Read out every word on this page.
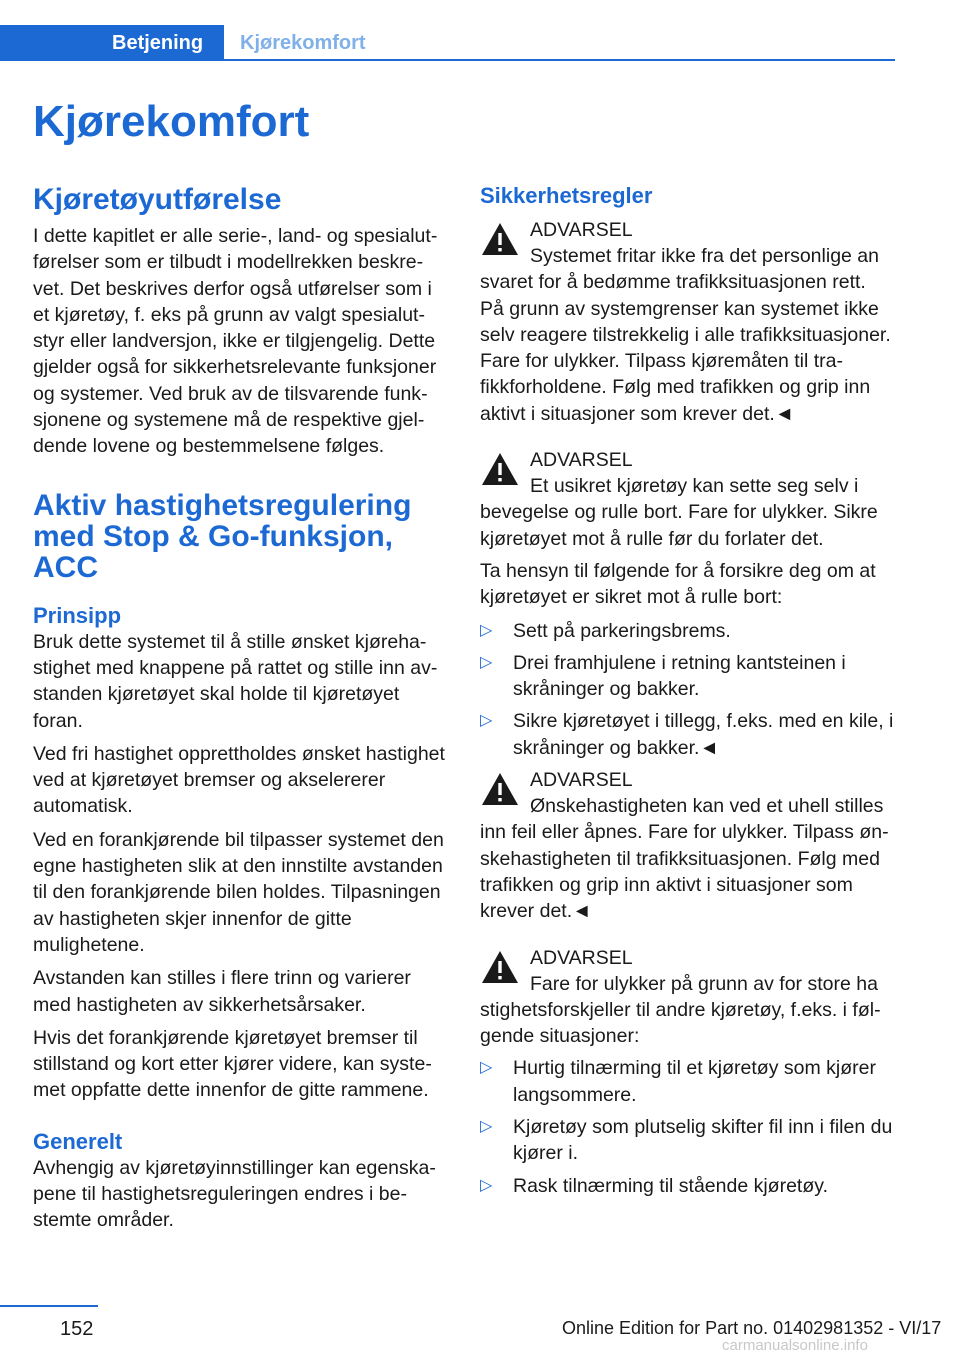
Betjening	Kjørekomfort
Kjørekomfort
Kjøretøyutførelse
I dette kapitlet er alle serie-, land- og spesialutførelser som er tilbudt i modellrekken beskrevet. Det beskrives derfor også utførelser som i et kjøretøy, f. eks på grunn av valgt spesialutstyr eller landversjon, ikke er tilgjengelig. Dette gjelder også for sikkerhetsrelevante funksjoner og systemer. Ved bruk av de tilsvarende funksjonene og systemene må de respektive gjeldende lovene og bestemmelsene følges.
Aktiv hastighetsregulering med Stop & Go-funksjon, ACC
Prinsipp
Bruk dette systemet til å stille ønsket kjørehastighet med knappene på rattet og stille inn avstanden kjøretøyet skal holde til kjøretøyet foran.
Ved fri hastighet opprettholdes ønsket hastighet ved at kjøretøyet bremser og akselererer automatisk.
Ved en forankjørende bil tilpasser systemet den egne hastigheten slik at den innstilte avstanden til den forankjørende bilen holdes. Tilpasningen av hastigheten skjer innenfor de gitte mulighetene.
Avstanden kan stilles i flere trinn og varierer med hastigheten av sikkerhetsårsaker.
Hvis det forankjørende kjøretøyet bremser til stillstand og kort etter kjører videre, kan systemet oppfatte dette innenfor de gitte rammene.
Generelt
Avhengig av kjøretøyinnstillinger kan egenskapene til hastighetsreguleringen endres i bestemte områder.
Sikkerhetsregler
ADVARSEL
Systemet fritar ikke fra det personlige an
svaret for å bedømme trafikksituasjonen rett. På grunn av systemgrenser kan systemet ikke selv reagere tilstrekkelig i alle trafikksituasjoner. Fare for ulykker. Tilpass kjøremåten til trafikkforholdene. Følg med trafikken og grip inn aktivt i situasjoner som krever det.◄
ADVARSEL
Et usikret kjøretøy kan sette seg selv i
bevegelse og rulle bort. Fare for ulykker. Sikre kjøretøyet mot å rulle før du forlater det.
Ta hensyn til følgende for å forsikre deg om at kjøretøyet er sikret mot å rulle bort:
▷ Sett på parkeringsbrems.
▷ Drei framhjulene i retning kantsteinen i skråninger og bakker.
▷ Sikre kjøretøyet i tillegg, f.eks. med en kile, i skråninger og bakker.◄
ADVARSEL
Ønskehastigheten kan ved et uhell stilles
inn feil eller åpnes. Fare for ulykker. Tilpass ønskehastigheten til trafikksituasjonen. Følg med trafikken og grip inn aktivt i situasjoner som krever det.◄
ADVARSEL
Fare for ulykker på grunn av for store ha
stighetsforskjeller til andre kjøretøy, f.eks. i følgende situasjoner:
▷ Hurtig tilnærming til et kjøretøy som kjører langsommere.
▷ Kjøretøy som plutselig skifter fil inn i filen du kjører i.
▷ Rask tilnærming til stående kjøretøy.
152	Online Edition for Part no. 01402981352 - VI/17
carmanualsonline.info
